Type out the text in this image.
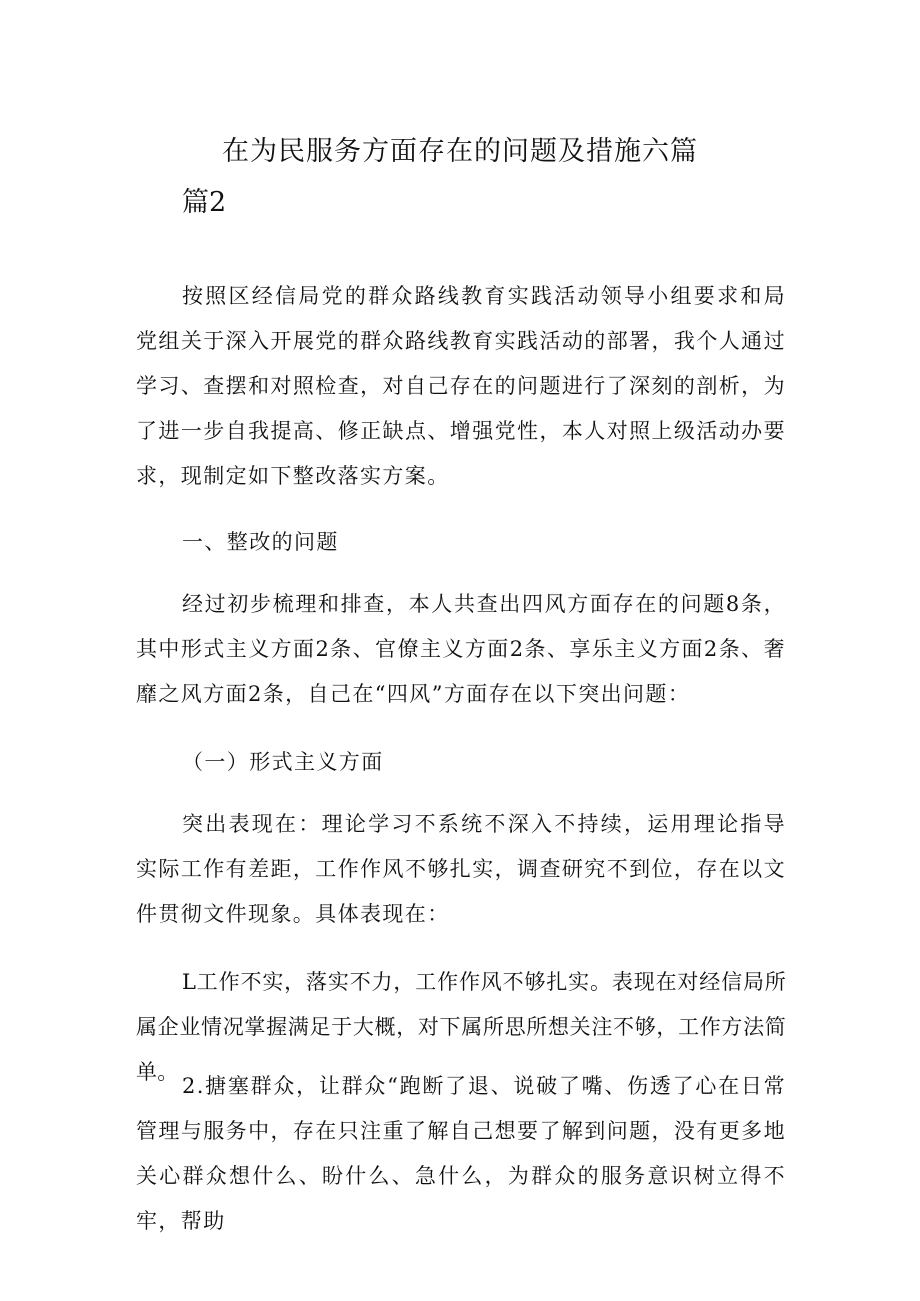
在为民服务方面存在的问题及措施六篇
篇2

按照区经信局党的群众路线教育实践活动领导小组要求和局党组关于深入开展党的群众路线教育实践活动的部署，我个人通过学习、查摆和对照检查，对自己存在的问题进行了深刻的剖析，为了进一步自我提高、修正缺点、增强党性，本人对照上级活动办要求，现制定如下整改落实方案。

一、整改的问题

经过初步梳理和排查，本人共查出四风方面存在的问题8条，其中形式主义方面2条、官僚主义方面2条、享乐主义方面2条、奢靡之风方面2条，自己在“四风”方面存在以下突出问题：

（一）形式主义方面

突出表现在：理论学习不系统不深入不持续，运用理论指导实际工作有差距，工作作风不够扎实，调查研究不到位，存在以文件贯彻文件现象。具体表现在：

L工作不实，落实不力，工作作风不够扎实。表现在对经信局所属企业情况掌握满足于大概，对下属所思所想关注不够，工作方法简单。

2.搪塞群众，让群众“跑断了退、说破了嘴、伤透了心在日常管理与服务中，存在只注重了解自己想要了解到问题，没有更多地关心群众想什么、盼什么、急什么，为群众的服务意识树立得不牢，帮助
